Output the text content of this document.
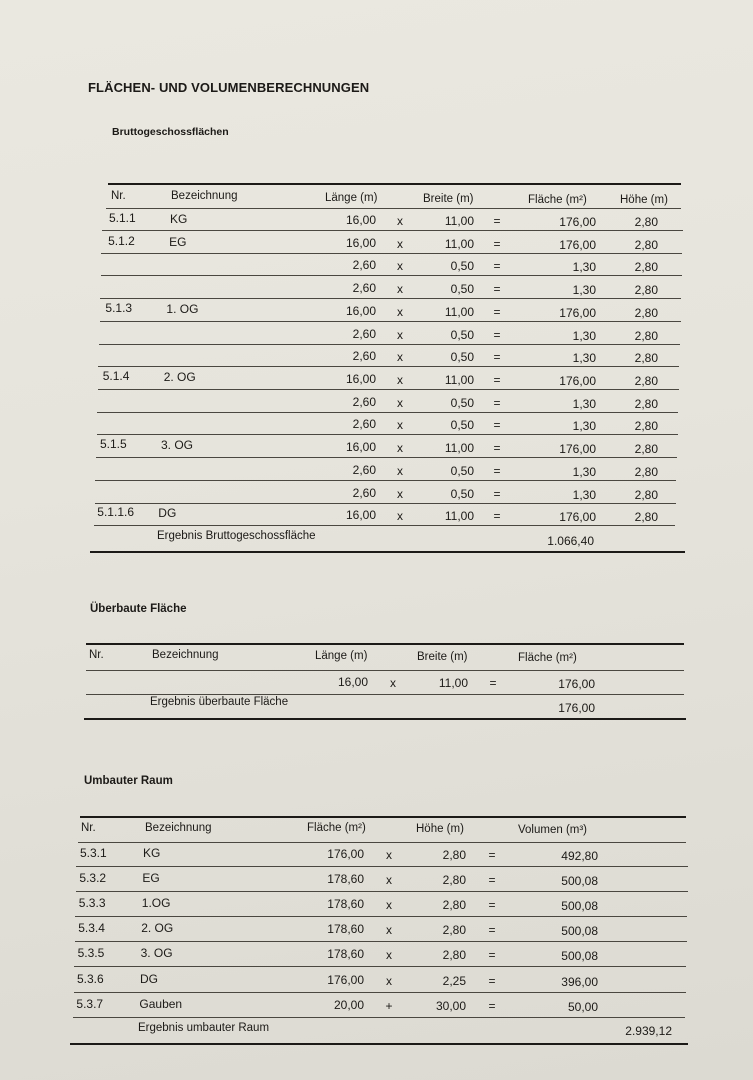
FLÄCHEN- UND VOLUMENBERECHNUNGEN
Bruttogeschossflächen
Nr.	Bezeichnung	Länge (m)	Breite (m)	Fläche (m²)	Höhe (m)
5.1.1	KG	16,00	x	11,00 =	176,00	2,80
5.1.2	EG	16,00	x	11,00 =	176,00	2,80
2,60	x	0,50 =	1,30	2,80
2,60	x	0,50 =	1,30	2,80
5.1.3	1. OG	16,00	x	11,00 =	176,00	2,80
2,60	x	0,50 =	1,30	2,80
2,60	x	0,50 =	1,30	2,80
5.1.4	2. OG	16,00	x	11,00 =	176,00	2,80
2,60	x	0,50 =	1,30	2,80
2,60	x	0,50 =	1,30	2,80
5.1.5	3. OG	16,00	x	11,00 =	176,00	2,80
2,60	x	0,50 =	1,30	2,80
2,60	x	0,50 =	1,30	2,80
5.1.1.6	DG	16,00	x	11,00 =	176,00	2,80
Ergebnis Bruttogeschossfläche	1.066,40
Überbaute Fläche
Nr.	Bezeichnung	Länge (m)	Breite (m)	Fläche (m²)
16,00	x	11,00 =	176,00
Ergebnis überbaute Fläche	176,00
Umbauter Raum
Nr.	Bezeichnung	Fläche (m²)	Höhe (m)	Volumen (m³)
5.3.1	KG	176,00	x	2,80 =	492,80
5.3.2	EG	178,60	x	2,80 =	500,08
5.3.3	1.OG	178,60	x	2,80 =	500,08
5.3.4	2. OG	178,60	x	2,80 =	500,08
5.3.5	3. OG	178,60	x	2,80 =	500,08
5.3.6	DG	176,00	x	2,25 =	396,00
5.3.7	Gauben	20,00	+	30,00 =	50,00
Ergebnis umbauter Raum	2.939,12
